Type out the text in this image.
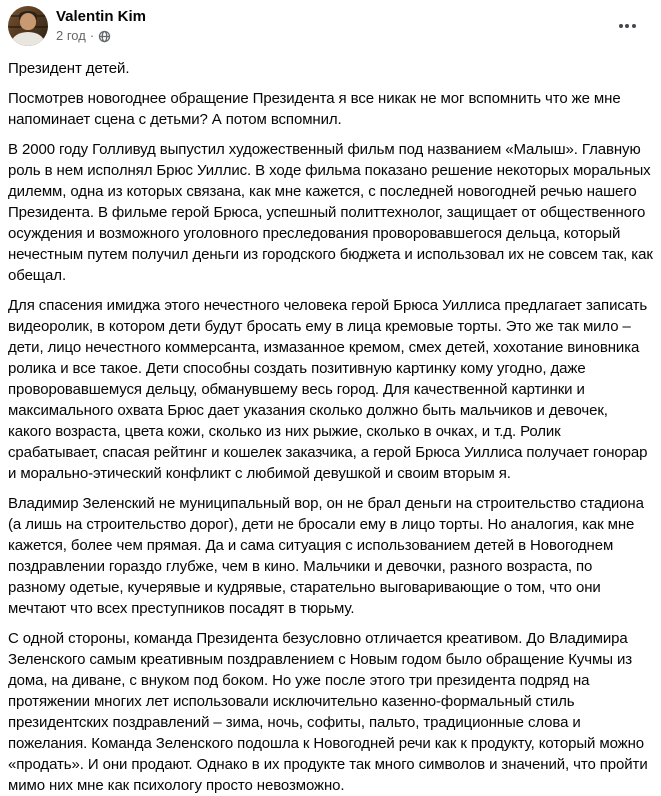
Valentin Kim
2 год ·

Президент детей.

Посмотрев новогоднее обращение Президента я все никак не мог вспомнить что же мне напоминает сцена с детьми? А потом вспомнил.

В 2000 году Голливуд выпустил художественный фильм под названием «Малыш». Главную роль в нем исполнял Брюс Уиллис. В ходе фильма показано решение некоторых моральных дилемм, одна из которых связана, как мне кажется, с последней новогодней речью нашего Президента. В фильме герой Брюса, успешный политтехнолог, защищает от общественного осуждения и возможного уголовного преследования проворовавшегося дельца, который нечестным путем получил деньги из городского бюджета и использовал их не совсем так, как обещал.

Для спасения имиджа этого нечестного человека герой Брюса Уиллиса предлагает записать видеоролик, в котором дети будут бросать ему в лица кремовые торты. Это же так мило – дети, лицо нечестного коммерсанта, измазанное кремом, смех детей, хохотание виновника ролика и все такое. Дети способны создать позитивную картинку кому угодно, даже проворовавшемуся дельцу, обманувшему весь город. Для качественной картинки и максимального охвата Брюс дает указания сколько должно быть мальчиков и девочек, какого возраста, цвета кожи, сколько из них рыжие, сколько в очках, и т.д. Ролик срабатывает, спасая рейтинг и кошелек заказчика, а герой Брюса Уиллиса получает гонорар и морально-этический конфликт с любимой девушкой и своим вторым я.

Владимир Зеленский не муниципальный вор, он не брал деньги на строительство стадиона (а лишь на строительство дорог), дети не бросали ему в лицо торты. Но аналогия, как мне кажется, более чем прямая. Да и сама ситуация с использованием детей в Новогоднем поздравлении гораздо глубже, чем в кино. Мальчики и девочки, разного возраста, по разному одетые, кучерявые и кудрявые, старательно выговаривающие о том, что они мечтают что всех преступников посадят в тюрьму.

С одной стороны, команда Президента безусловно отличается креативом. До Владимира Зеленского самым креативным поздравлением с Новым годом было обращение Кучмы из дома, на диване, с внуком под боком. Но уже после этого три президента подряд на протяжении многих лет использовали исключительно казенно-формальный стиль президентских поздравлений – зима, ночь, софиты, пальто, традиционные слова и пожелания. Команда Зеленского подошла к Новогодней речи как к продукту, который можно «продать». И они продают. Однако в их продукте так много символов и значений, что пройти мимо них мне как психологу просто невозможно.
